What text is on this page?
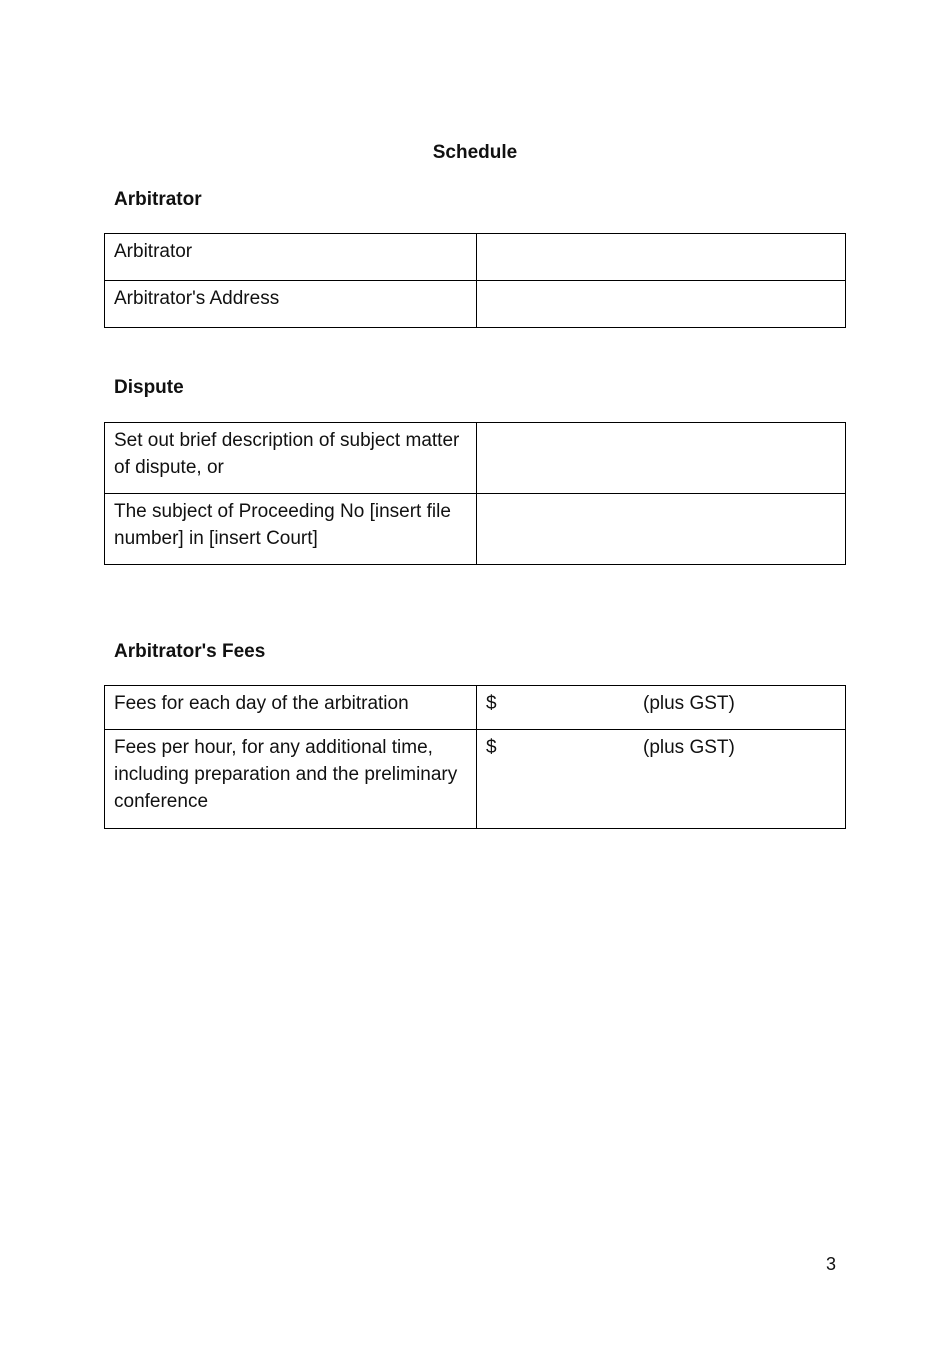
Schedule
Arbitrator
Arbitrator	
Arbitrator's Address	
Dispute
Set out brief description of subject matter of dispute, or	
The subject of Proceeding No [insert file number] in [insert Court]	
Arbitrator's Fees
Fees for each day of the arbitration	$ (plus GST)

Fees per hour, for any additional time, including preparation and the preliminary conference	$ (plus GST)

3
